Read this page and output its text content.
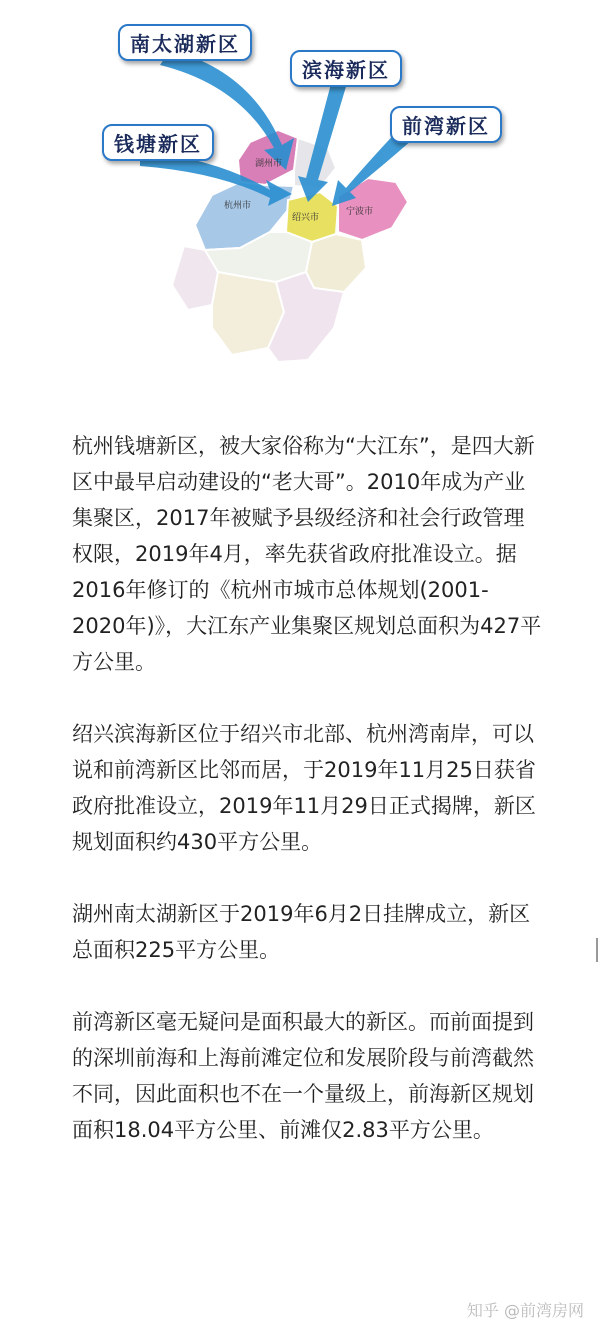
湖州市
杭州市
绍兴市
宁波市
南太湖新区
滨海新区
前湾新区
钱塘新区

杭州钱塘新区，被大家俗称为“大江东”，是四大新区中最早启动建设的“老大哥”。2010年成为产业集聚区，2017年被赋予县级经济和社会行政管理权限，2019年4月，率先获省政府批准设立。据2016年修订的《杭州市城市总体规划(2001-2020年)》，大江东产业集聚区规划总面积为427平方公里。

绍兴滨海新区位于绍兴市北部、杭州湾南岸，可以说和前湾新区比邻而居，于2019年11月25日获省政府批准设立，2019年11月29日正式揭牌，新区规划面积约430平方公里。

湖州南太湖新区于2019年6月2日挂牌成立，新区总面积225平方公里。

前湾新区毫无疑问是面积最大的新区。而前面提到的深圳前海和上海前滩定位和发展阶段与前湾截然不同，因此面积也不在一个量级上，前海新区规划面积18.04平方公里、前滩仅2.83平方公里。

知乎 @前湾房网
